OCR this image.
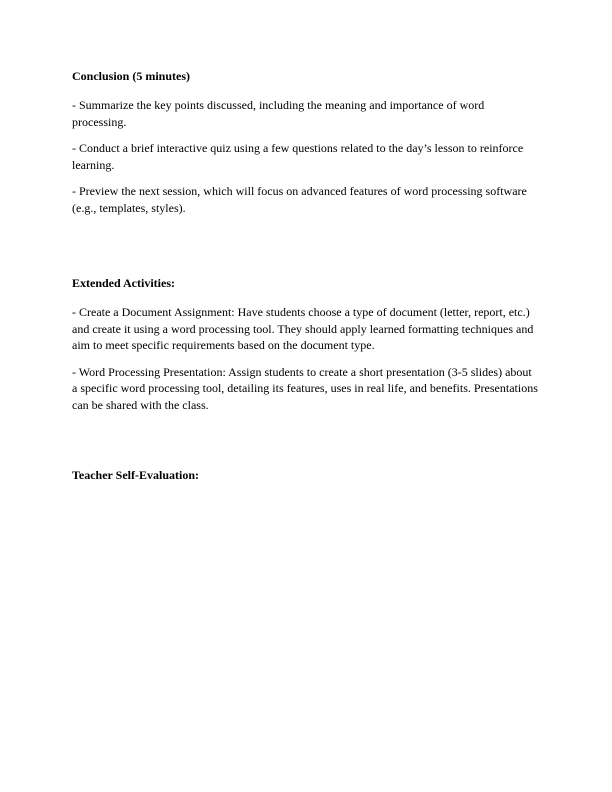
Conclusion (5 minutes)

- Summarize the key points discussed, including the meaning and importance of word
processing.

- Conduct a brief interactive quiz using a few questions related to the day’s lesson to reinforce
learning.

- Preview the next session, which will focus on advanced features of word processing software
(e.g., templates, styles).

Extended Activities:

- Create a Document Assignment: Have students choose a type of document (letter, report, etc.)
and create it using a word processing tool. They should apply learned formatting techniques and
aim to meet specific requirements based on the document type.

- Word Processing Presentation: Assign students to create a short presentation (3-5 slides) about
a specific word processing tool, detailing its features, uses in real life, and benefits. Presentations
can be shared with the class.

Teacher Self-Evaluation:
